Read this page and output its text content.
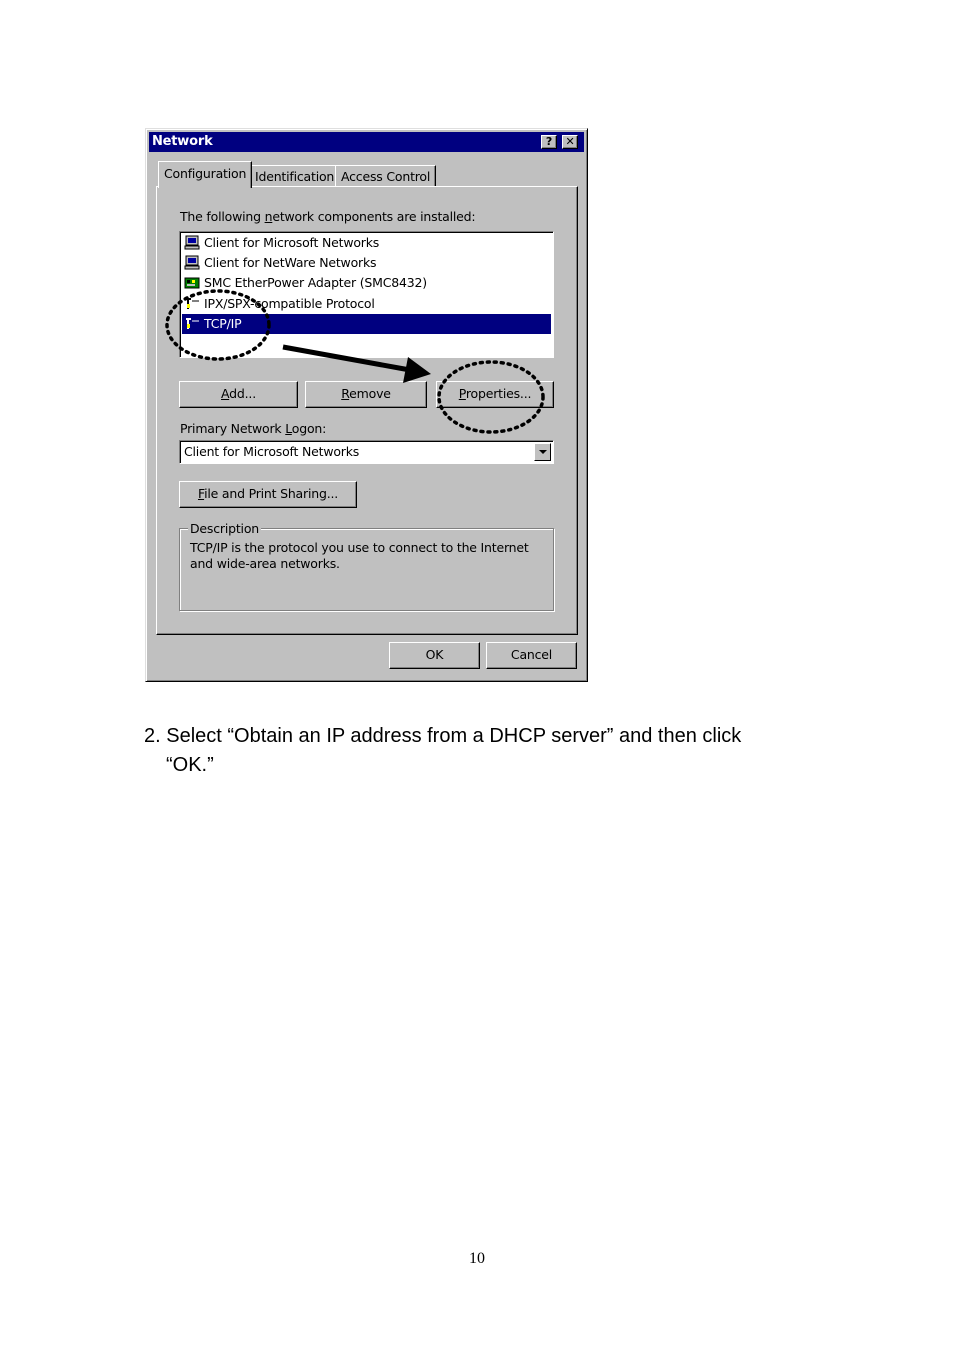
Network	?	✕
Configuration Identification Access Control
The following network components are installed:
Client for Microsoft Networks
Client for NetWare Networks
SMC EtherPower Adapter (SMC8432)
IPX/SPX-compatible Protocol
TCP/IP
Add...	Remove	Properties...
Primary Network Logon:
Client for Microsoft Networks
File and Print Sharing...
Description
TCP/IP is the protocol you use to connect to the Internet and wide-area networks.
OK	Cancel
2. Select “Obtain an IP address from a DHCP server” and then click
“OK.”
10
